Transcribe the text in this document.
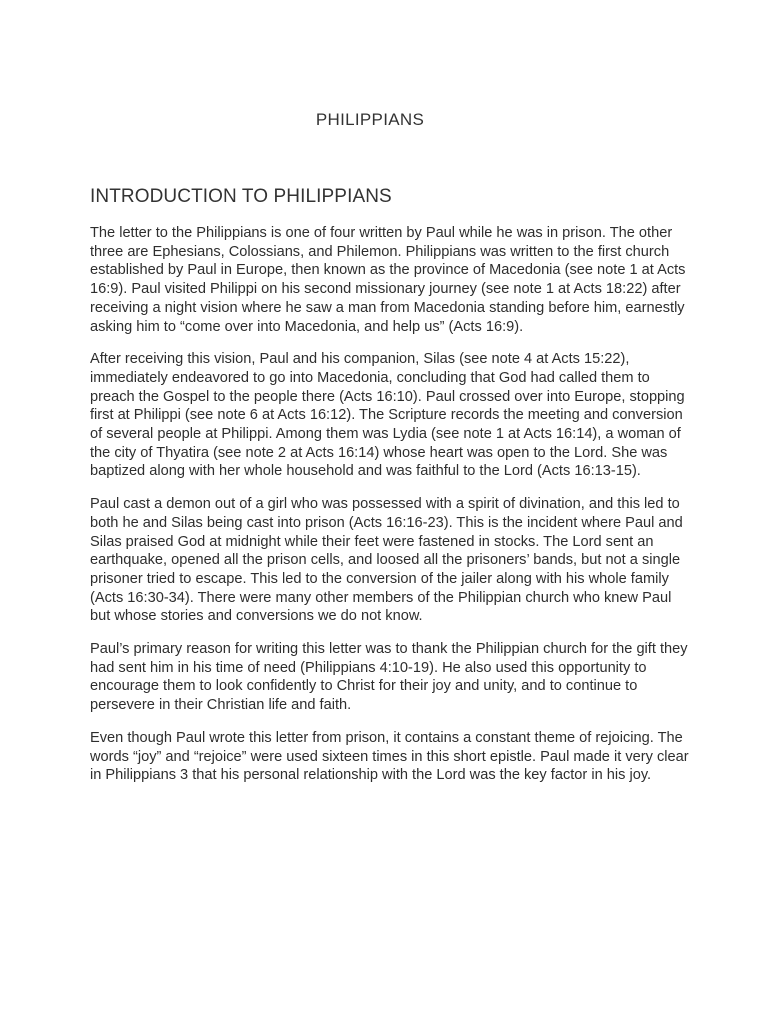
PHILIPPIANS
INTRODUCTION TO PHILIPPIANS

The letter to the Philippians is one of four written by Paul while he was in prison. The other three are Ephesians, Colossians, and Philemon. Philippians was written to the first church established by Paul in Europe, then known as the province of Macedonia (see note 1 at Acts 16:9). Paul visited Philippi on his second missionary journey (see note 1 at Acts 18:22) after receiving a night vision where he saw a man from Macedonia standing before him, earnestly asking him to “come over into Macedonia, and help us” (Acts 16:9).

After receiving this vision, Paul and his companion, Silas (see note 4 at Acts 15:22), immediately endeavored to go into Macedonia, concluding that God had called them to preach the Gospel to the people there (Acts 16:10). Paul crossed over into Europe, stopping first at Philippi (see note 6 at Acts 16:12). The Scripture records the meeting and conversion of several people at Philippi. Among them was Lydia (see note 1 at Acts 16:14), a woman of the city of Thyatira (see note 2 at Acts 16:14) whose heart was open to the Lord. She was baptized along with her whole household and was faithful to the Lord (Acts 16:13-15).

Paul cast a demon out of a girl who was possessed with a spirit of divination, and this led to both he and Silas being cast into prison (Acts 16:16-23). This is the incident where Paul and Silas praised God at midnight while their feet were fastened in stocks. The Lord sent an earthquake, opened all the prison cells, and loosed all the prisoners’ bands, but not a single prisoner tried to escape. This led to the conversion of the jailer along with his whole family (Acts 16:30-34). There were many other members of the Philippian church who knew Paul but whose stories and conversions we do not know.

Paul’s primary reason for writing this letter was to thank the Philippian church for the gift they had sent him in his time of need (Philippians 4:10-19). He also used this opportunity to encourage them to look confidently to Christ for their joy and unity, and to continue to persevere in their Christian life and faith.

Even though Paul wrote this letter from prison, it contains a constant theme of rejoicing. The words “joy” and “rejoice” were used sixteen times in this short epistle. Paul made it very clear in Philippians 3 that his personal relationship with the Lord was the key factor in his joy.
